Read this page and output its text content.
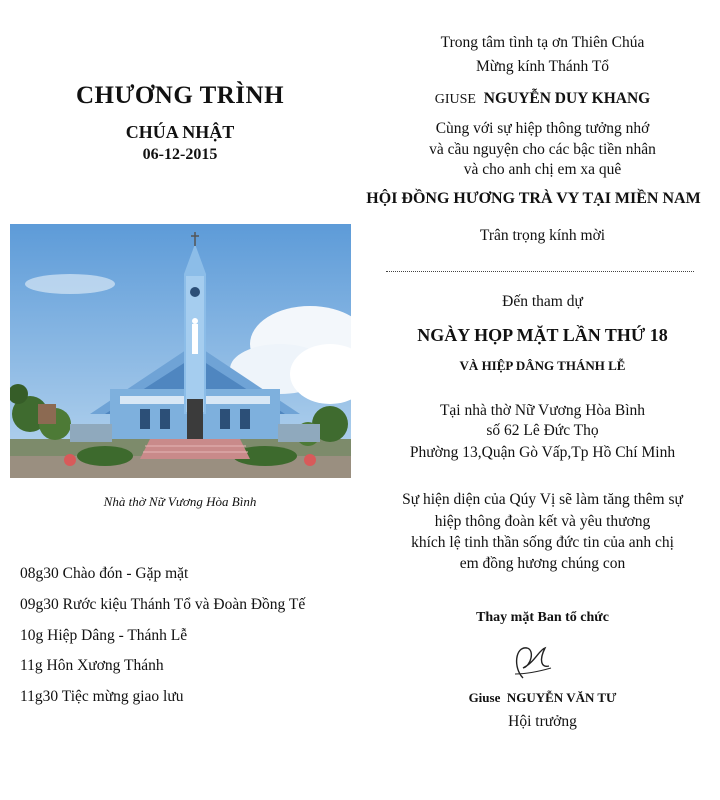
CHƯƠNG TRÌNH
CHÚA NHẬT
06-12-2015
Nhà thờ Nữ Vương Hòa Bình
08g30 Chào đón - Gặp mặt
09g30 Rước kiệu Thánh Tổ và Đoàn Đồng Tế
10g Hiệp Dâng - Thánh Lễ
11g Hôn Xương Thánh
11g30 Tiệc mừng giao lưu
Trong tâm tình tạ ơn Thiên Chúa
Mừng kính Thánh Tổ
GIUSE NGUYỄN DUY KHANG
Cùng với sự hiệp thông tưởng nhớ
và cầu nguyện cho các bậc tiền nhân
và cho anh chị em xa quê
HỘI ĐỒNG HƯƠNG TRÀ VY TẠI MIỀN NAM
Trân trọng kính mời
Đến tham dự
NGÀY HỌP MẶT LẦN THỨ 18
VÀ HIỆP DÂNG THÁNH LỄ
Tại nhà thờ Nữ Vương Hòa Bình
số 62 Lê Đức Thọ
Phường 13,Quận Gò Vấp,Tp Hồ Chí Minh
Sự hiện diện của Qúy Vị sẽ làm tăng thêm sự
hiệp thông đoàn kết và yêu thương
khích lệ tinh thần sống đức tin của anh chị
em đồng hương chúng con
Thay mặt Ban tổ chức
Giuse NGUYỄN VĂN TƯ
Hội trưởng
